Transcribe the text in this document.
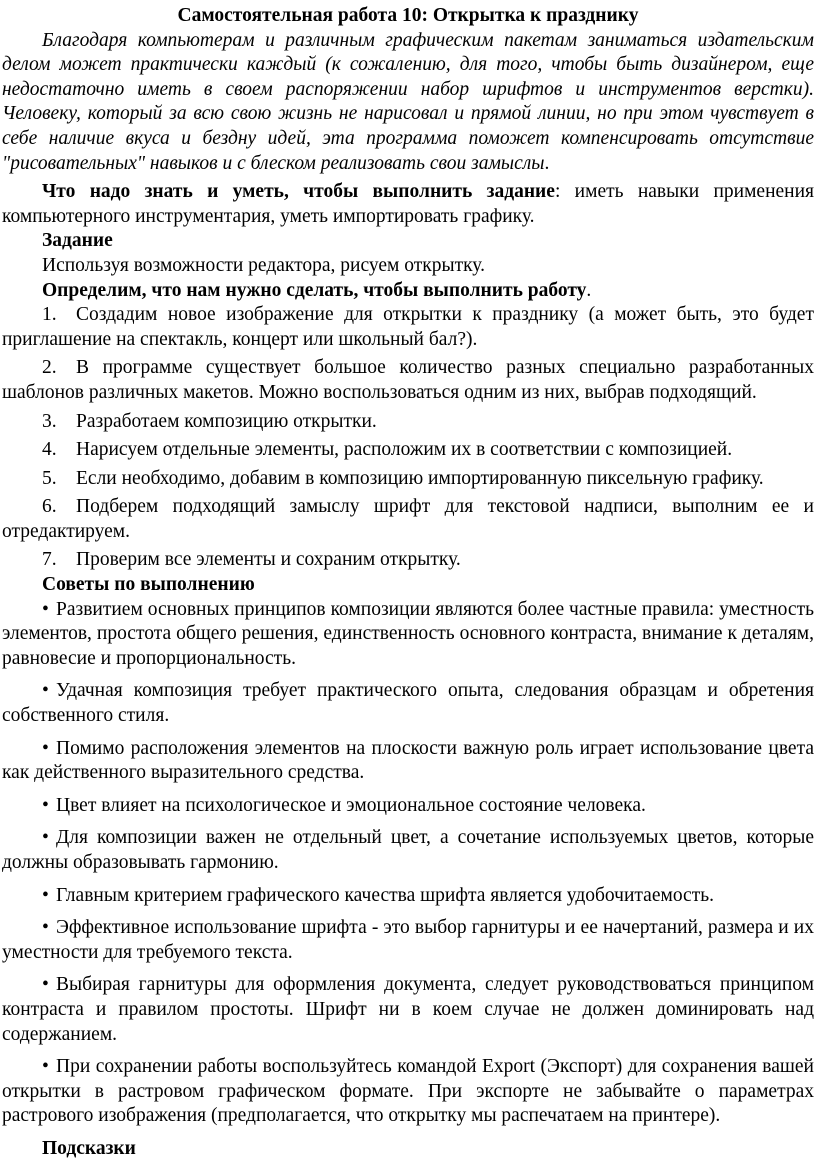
Самостоятельная работа 10: Открытка к празднику

Благодаря компьютерам и различным графическим пакетам заниматься издательским делом может практически каждый (к сожалению, для того, чтобы быть дизайнером, еще недостаточно иметь в своем распоряжении набор шрифтов и инструментов верстки). Человеку, который за всю свою жизнь не нарисовал и прямой линии, но при этом чувствует в себе наличие вкуса и бездну идей, эта программа поможет компенсировать отсутствие "рисовательных" навыков и с блеском реализовать свои замыслы.

Что надо знать и уметь, чтобы выполнить задание: иметь навыки применения компьютерного инструментария, уметь импортировать графику.

Задание

Используя возможности редактора, рисуем открытку.

Определим, что нам нужно сделать, чтобы выполнить работу.

1. Создадим новое изображение для открытки к празднику (а может быть, это будет приглашение на спектакль, концерт или школьный бал?).

2. В программе существует большое количество разных специально разработанных шаблонов различных макетов. Можно воспользоваться одним из них, выбрав подходящий.

3. Разработаем композицию открытки.

4. Нарисуем отдельные элементы, расположим их в соответствии с композицией.

5. Если необходимо, добавим в композицию импортированную пиксельную графику.

6. Подберем подходящий замыслу шрифт для текстовой надписи, выполним ее и отредактируем.

7. Проверим все элементы и сохраним открытку.

Советы по выполнению

• Развитием основных принципов композиции являются более частные правила: уместность элементов, простота общего решения, единственность основного контраста, внимание к деталям, равновесие и пропорциональность.

• Удачная композиция требует практического опыта, следования образцам и обретения собственного стиля.

• Помимо расположения элементов на плоскости важную роль играет использование цвета как действенного выразительного средства.

• Цвет влияет на психологическое и эмоциональное состояние человека.

• Для композиции важен не отдельный цвет, а сочетание используемых цветов, которые должны образовывать гармонию.

• Главным критерием графического качества шрифта является удобочитаемость.

• Эффективное использование шрифта - это выбор гарнитуры и ее начертаний, размера и их уместности для требуемого текста.

• Выбирая гарнитуры для оформления документа, следует руководствоваться принципом контраста и правилом простоты. Шрифт ни в коем случае не должен доминировать над содержанием.

• При сохранении работы воспользуйтесь командой Export (Экспорт) для сохранения вашей открытки в растровом графическом формате. При экспорте не забывайте о параметрах растрового изображения (предполагается, что открытку мы распечатаем на принтере).

Подсказки
